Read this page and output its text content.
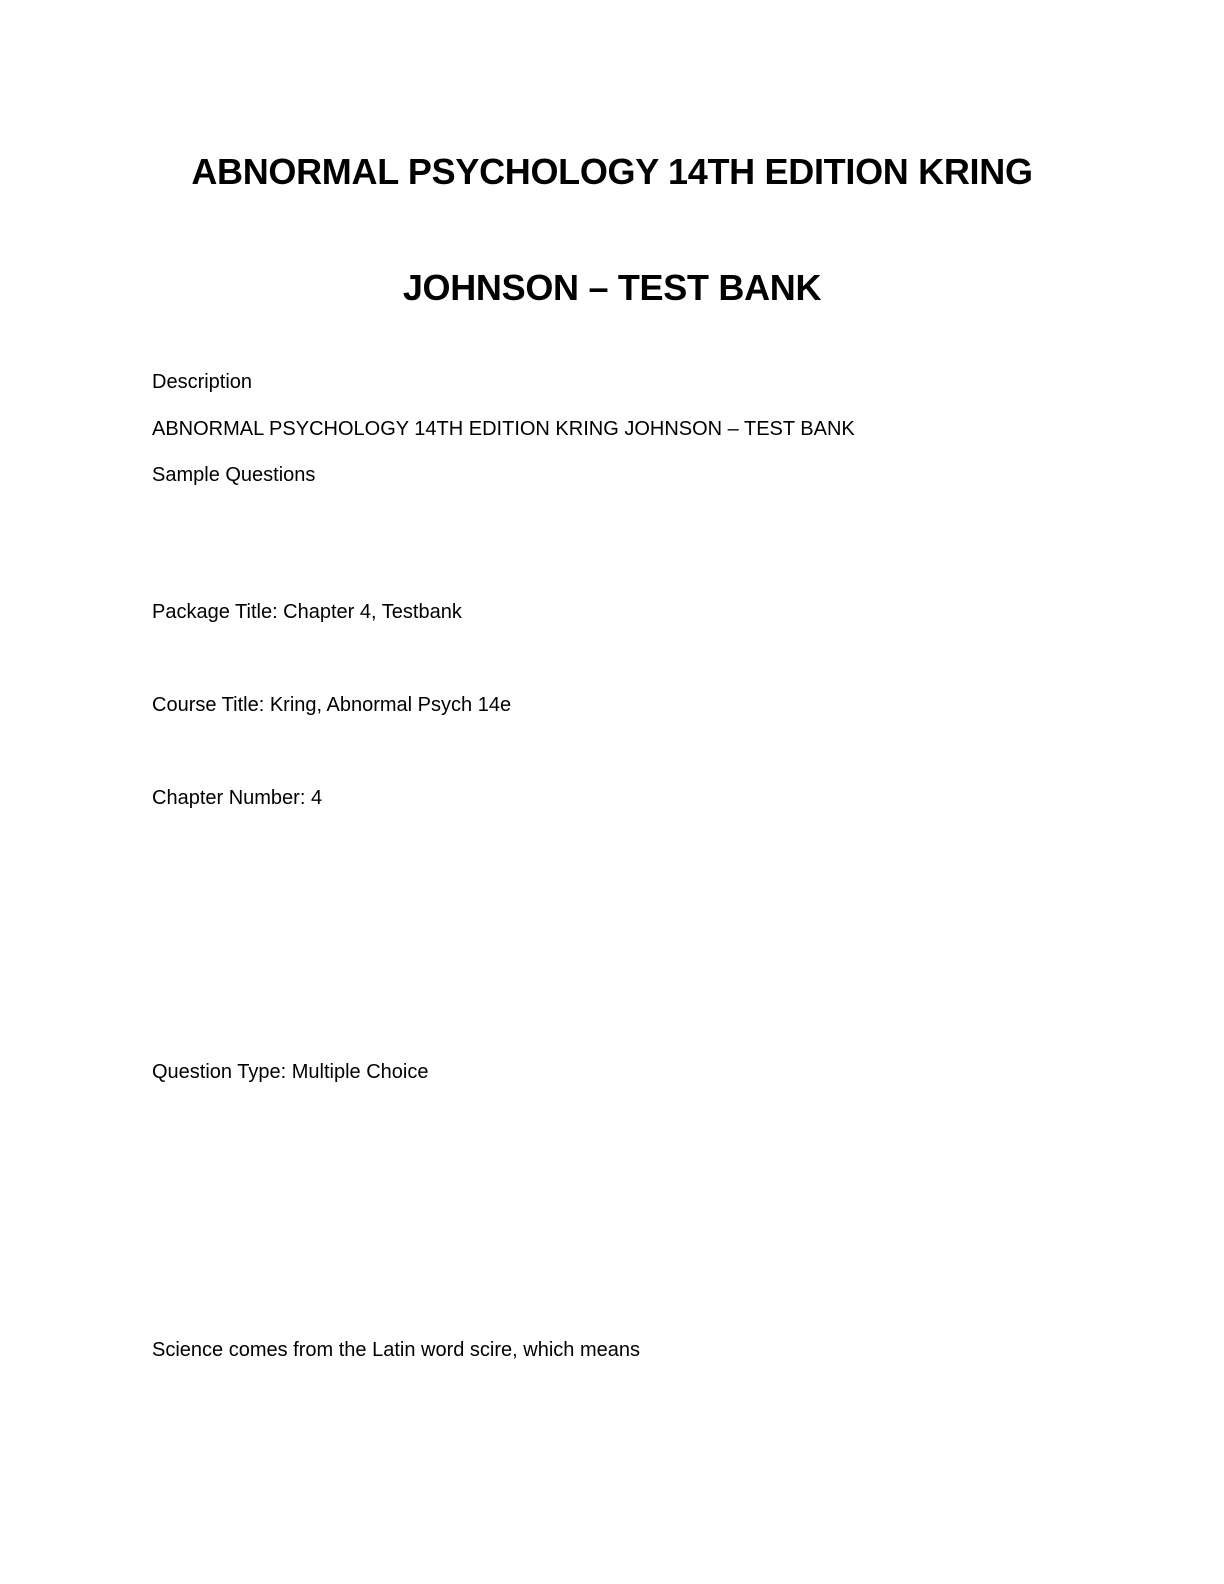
ABNORMAL PSYCHOLOGY 14TH EDITION KRING
JOHNSON – TEST BANK
Description
ABNORMAL PSYCHOLOGY 14TH EDITION KRING JOHNSON – TEST BANK
Sample Questions
Package Title: Chapter 4, Testbank
Course Title: Kring, Abnormal Psych 14e
Chapter Number: 4
Question Type: Multiple Choice
Science comes from the Latin word scire, which means
